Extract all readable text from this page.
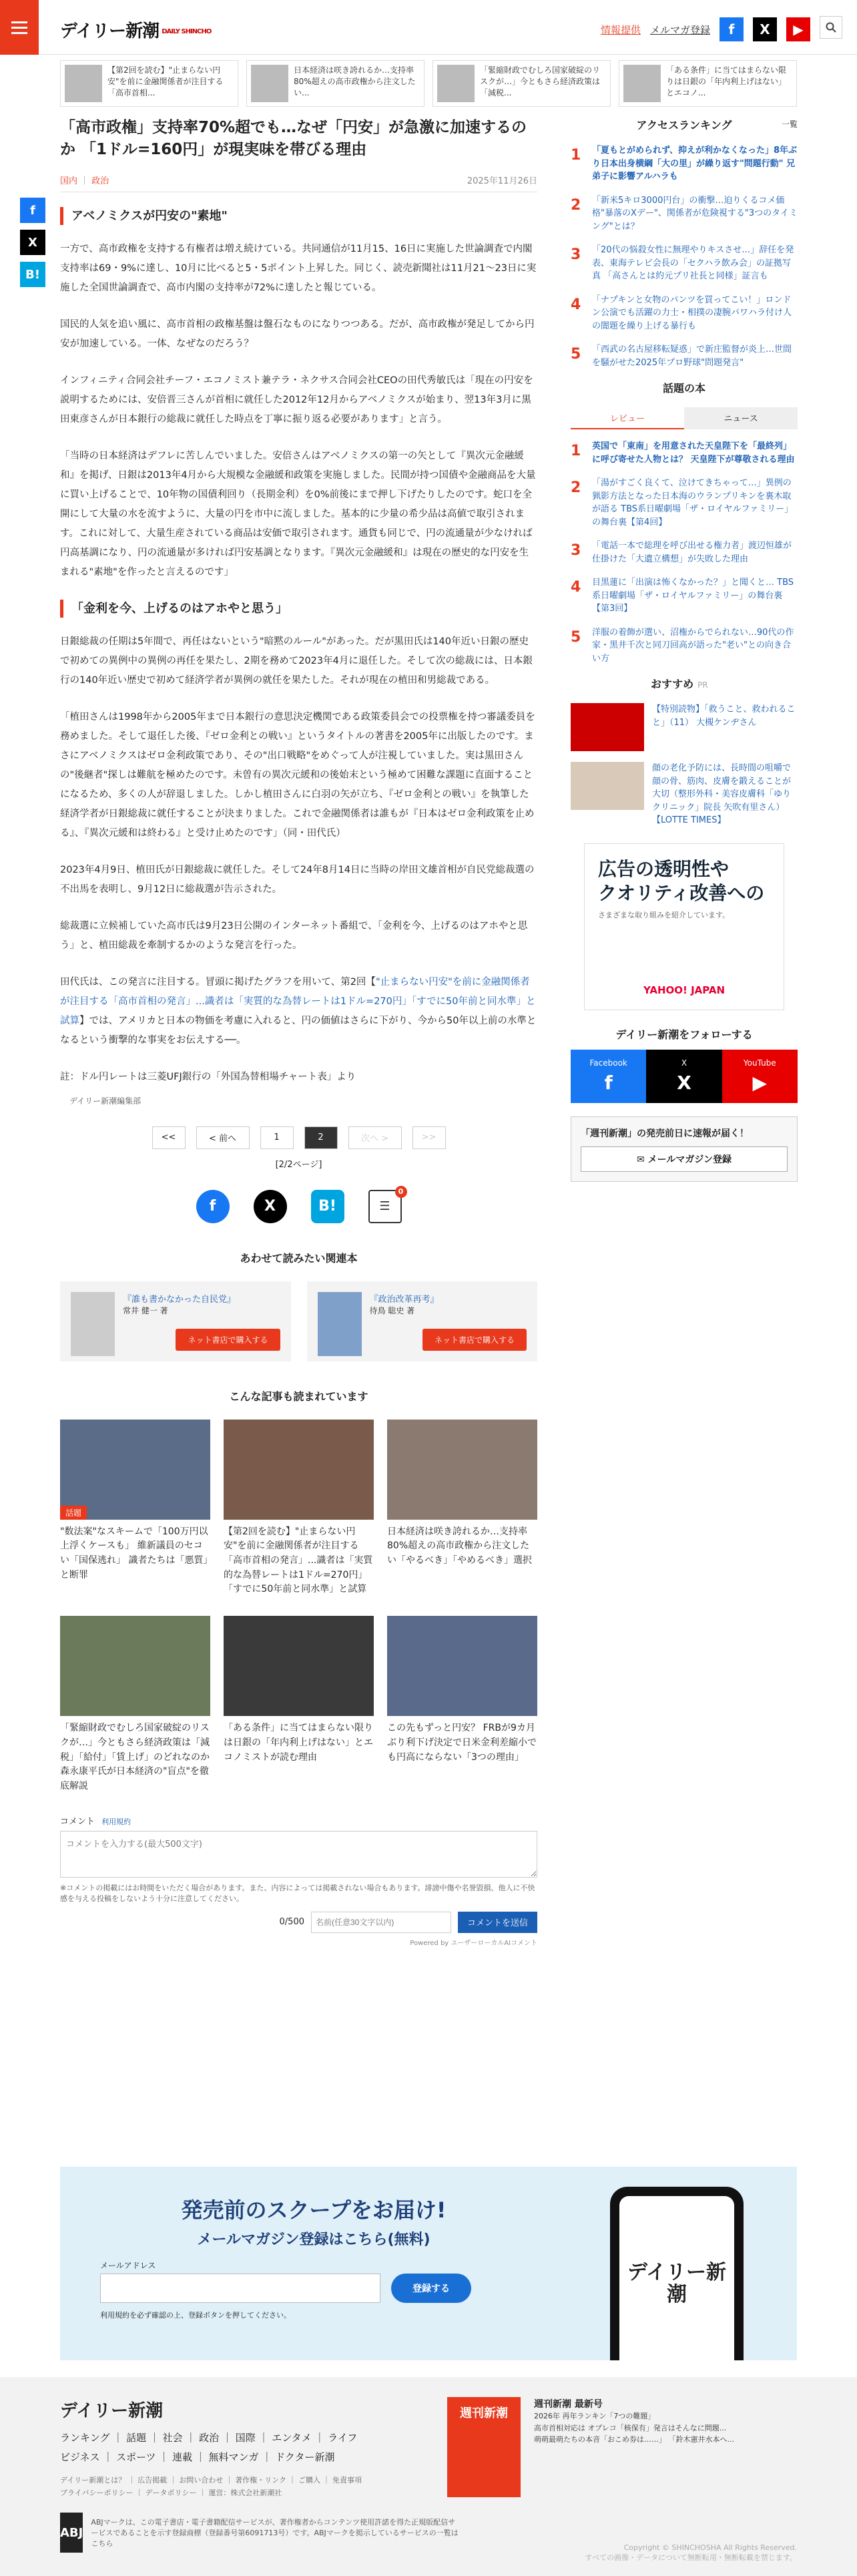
デイリー新潮 DAILY SHINCHO	情報提供 メルマガ登録	f	X	▶
【第2回を読む】"止まらない円安"を前に金融関係者が注目する「高市首相...
日本経済は咲き誇れるか…支持率80%超えの高市政権から注文したい...
「緊縮財政でむしろ国家破綻のリスクが…」今ともさら経済政策は「減税...
「ある条件」に当てはまらない限りは日銀の「年内利上げはない」とエコノ...
f
X
B!
「高市政権」支持率70%超でも…なぜ「円安」が急激に加速するのか 「1ドル=160円」が現実味を帯びる理由
国内 ｜ 政治	2025年11月26日
アベノミクスが円安の"素地"

一方で、高市政権を支持する有権者は増え続けている。共同通信が11月15、16日に実施した世論調査で内閣支持率は69・9%に達し、10月に比べると5・5ポイント上昇した。同じく、読売新聞社は11月21〜23日に実施した全国世論調査で、高市内閣の支持率が72%に達したと報じている。

国民的人気を追い風に、高市首相の政権基盤は盤石なものになりつつある。だが、高市政権が発足してから円安が加速している。一体、なぜなのだろう？

インフィニティ合同会社チーフ・エコノミスト兼テラ・ネクサス合同会社CEOの田代秀敏氏は「現在の円安を説明するためには、安倍晋三さんが首相に就任した2012年12月からアベノミクスが始まり、翌13年3月に黒田東彦さんが日本銀行の総裁に就任した時点を丁寧に振り返る必要があります」と言う。

「当時の日本経済はデフレに苦しんでいました。安倍さんはアベノミクスの第一の矢として『異次元金融緩和』を掲げ、日銀は2013年4月から大規模な金融緩和政策を実施しました。民間が持つ国債や金融商品を大量に買い上げることで、10年物の国債利回り（長期金利）を0%前後にまで押し下げたりしたのです。蛇口を全開にして大量の水を流すように、大量の円を市中に流しました。基本的に少量の希少品は高値で取引されます。これに対して、大量生産されている商品は安価で取引されます。通貨も同じで、円の流通量が少なければ円高基調になり、円の流通量が多ければ円安基調となります。『異次元金融緩和』は現在の歴史的な円安を生まれる"素地"を作ったと言えるのです」

「金利を今、上げるのはアホやと思う」

日銀総裁の任期は5年間で、再任はないという"暗黙のルール"があった。だが黒田氏は140年近い日銀の歴史で初めての異例中の異例の再任を果たし、2期を務めて2023年4月に退任した。そして次の総裁には、日本銀行の140年近い歴史で初めて経済学者が異例の就任を果たした。それが現在の植田和男総裁である。

「植田さんは1998年から2005年まで日本銀行の意思決定機関である政策委員会での投票権を持つ審議委員を務めました。そして退任した後、『ゼロ金利との戦い』というタイトルの著書を2005年に出版したのです。まさにアベノミクスはゼロ金利政策であり、その"出口戦略"をめぐって人が注視していました。実は黒田さんの"後継者"探しは難航を極めたのです。未曽有の異次元緩和の後始末という極めて困難な課題に直面することになるため、多くの人が辞退しました。しかし植田さんに白羽の矢が立ち、『ゼロ金利との戦い』を執筆した経済学者が日銀総裁に就任することが決まりました。これで金融関係者は誰もが『日本はゼロ金利政策を止める』、『異次元緩和は終わる』と受け止めたのです」（同・田代氏）

2023年4月9日、植田氏が日銀総裁に就任した。そして24年8月14日に当時の岸田文雄首相が自民党総裁選の不出馬を表明し、9月12日に総裁選が告示された。

総裁選に立候補していた高市氏は9月23日公開のインターネット番組で、「金利を今、上げるのはアホやと思う」と、植田総裁を牽制するかのような発言を行った。

田代氏は、この発言に注目する。冒頭に掲げたグラフを用いて、第2回【"止まらない円安"を前に金融関係者が注目する「高市首相の発言」...識者は「実質的な為替レートは1ドル=270円」「すでに50年前と同水準」と試算】では、アメリカと日本の物価を考慮に入れると、円の価値はさらに下がり、今から50年以上前の水準となるという衝撃的な事実をお伝えする──。

註：ドル円レートは三菱UFJ銀行の「外国為替相場チャート表」より

デイリー新潮編集部
<<	< 前へ	1	2	次へ >	>>
[2/2ページ]
f	X	B!	☰
0
あわせて読みたい関連本
『誰も書かなかった自民党』
常井 健一 著
ネット書店で購入する
『政治改革再考』
待鳥 聡史 著
ネット書店で購入する
こんな記事も読まれています
話題
"数法案"なスキームで「100万円以上浮くケースも」 維新議員のセコい「国保逃れ」 識者たちは「悪質」と断罪
【第2回を読む】"止まらない円安"を前に金融関係者が注目する「高市首相の発言」...識者は「実質的な為替レートは1ドル=270円」「すでに50年前と同水準」と試算
日本経済は咲き誇れるか…支持率80%超えの高市政権から注文したい「やるべき」「やめるべき」選択
「緊縮財政でむしろ国家破綻のリスクが…」今ともさら経済政策は「減税」「給付」「賃上げ」のどれなのか 森永康平氏が日本経済の"盲点"を徹底解説
「ある条件」に当てはまらない限りは日銀の「年内利上げはない」とエコノミストが読む理由
この先もずっと円安？ FRBが9カ月ぶり利下げ決定で日米金利差縮小でも円高にならない「3つの理由」
コメント 利用規約 コメントを入力する(最大500文字)
※コメントの掲載にはお時間をいただく場合があります。また、内容によっては掲載されない場合もあります。誹謗中傷や名誉毀損、他人に不快感を与える投稿をしないよう十分に注意してください。
0/500
名前(任意30文字以内)	コメントを送信
Powered by ユーザーローカルAIコメント
アクセスランキング	一覧
1	「夏もとがめられず、抑えが利かなくなった」8年ぶり日本出身横綱「大の里」が繰り返す"問題行動" 兄弟子に影響アルハラも
2	「新米5キロ3000円台」の衝撃…迫りくるコメ価格"暴落のXデー"、関係者が危険視する"3つのタイミング"とは？
3	「20代の悩殺女性に無理やりキスさせ…」辞任を発表、東海テレビ会長の「セクハラ飲み会」の証拠写真 「高さんとは約元プリ社長と同様」証言も
4	「ナプキンと女物のパンツを買ってこい！」ロンドン公演でも活躍の力士・相撲の凄腕パワハラ付け人の闇題を繰り上げる暴行も
5	「西武の名古屋移転疑惑」で新庄監督が炎上…世間を騒がせた2025年プロ野球"問題発言"
話題の本
レビュー	ニュース
1	英国で「東南」を用意された天皇陛下を「最終列」に呼び寄せた人物とは？ 天皇陛下が尊敬される理由
2	「湯がすごく良くて、泣けてきちゃって…」異例の猟影方法となった日本海のウランプリキンを裏木取が語る TBS系日曜劇場「ザ・ロイヤルファミリー」の舞台裏【第4回】
3	「電話一本で総理を呼び出せる権力者」渡辺恒雄が仕掛けた「大遺立構想」が失敗した理由
4	目黒蓮に「出演は怖くなかった？」と聞くと… TBS系日曜劇場「ザ・ロイヤルファミリー」の舞台裏【第3回】
5	洋服の着飾が選い、沼権からでられない…90代の作家・黒井千次と同刀回高が語った"老い"との向き合い方
おすすめ PR
【特別読物】「救うこと、救われること」（11） 大槻ケンヂさん
顔の老化予防には、長時間の咀嚼で顔の骨、筋肉、皮膚を鍛えることが大切（整形外科・美容皮膚科「ゆりクリニック」院長 矢吹有里さん）【LOTTE TIMES】
広告の透明性や
クオリティ改善への
さまざまな取り組みを紹介しています。
YAHOO! JAPAN
デイリー新潮をフォローする
Facebook
f
X
X
YouTube
▶
「週刊新潮」の発売前日に速報が届く！
✉ メールマガジン登録
発売前のスクープをお届け!
メールマガジン登録はこちら(無料)
メールアドレス
登録する
利用規約を必ず確認の上、登録ボタンを押してください。
デイリー新潮
デイリー新潮
ランキング ｜ 話題 ｜ 社会 ｜ 政治 ｜ 国際 ｜ エンタメ ｜ ライフ
ビジネス ｜ スポーツ ｜ 連載 ｜ 無料マンガ ｜ ドクター新潮
デイリー新潮とは？ ｜ 広告掲載 ｜ お問い合わせ ｜ 著作権・リンク ｜ ご購入 ｜ 免責事項
プライバシーポリシー ｜ データポリシー ｜ 運営：株式会社新潮社
ABJ
ABJマークは、この電子書店・電子書籍配信サービスが、著作権者からコンテンツ使用許諾を得た正規版配信サービスであることを示す登録商標（登録番号第6091713号）です。ABJマークを掲示しているサービスの一覧はこちら
週刊新潮
週刊新潮 最新号
2026年 再年ランキン「7つの難題」
高市首相対応は オプレコ「核保有」発言はそんなに問題...
萌萌最萌たちの本音「おこめ券は……」 「鈴木憲井水本へ...
Copyright © SHINCHOSHA All Rights Reserved.
すべての画像・データについて無断転用・無断転載を禁じます。
